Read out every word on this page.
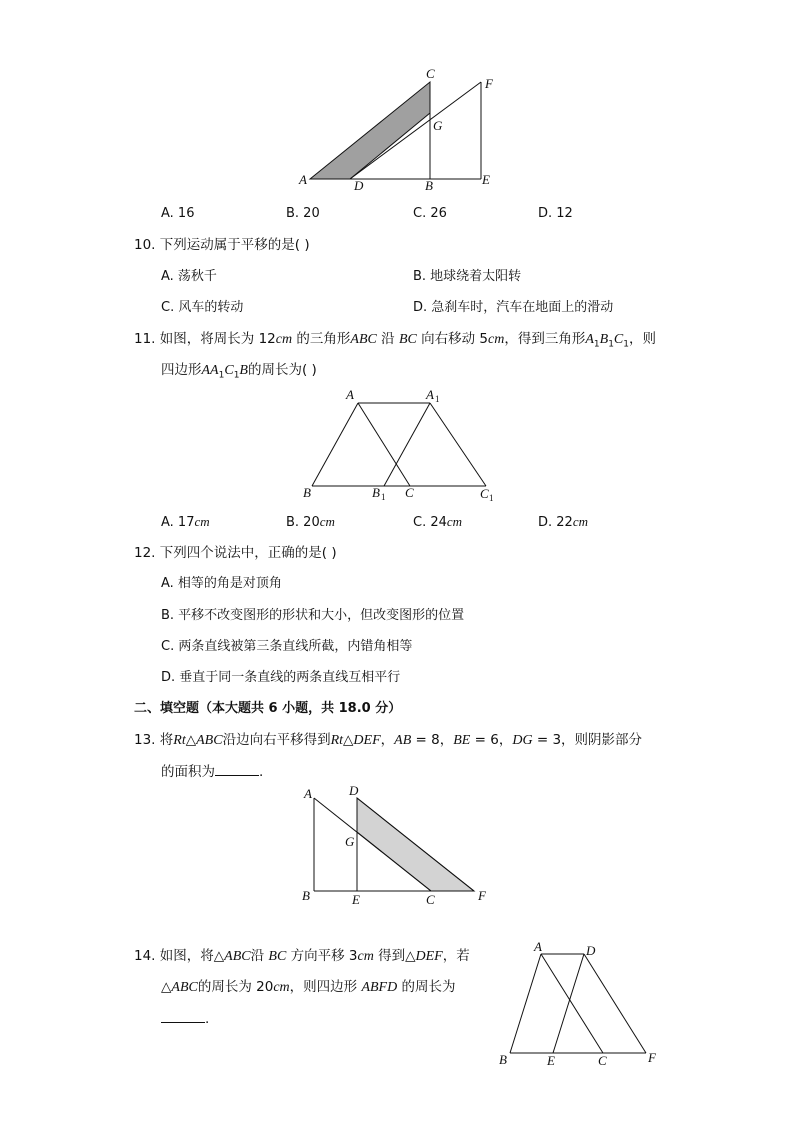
C
F
G
A	D	B	E
A. 16	B. 20	C. 26	D. 12
10. 下列运动属于平移的是( )
A. 荡秋千	B. 地球绕着太阳转
C. 风车的转动	D. 急刹车时，汽车在地面上的滑动
11. 如图，将周长为 12cm 的三角形ABC 沿 BC 向右移动 5cm，得到三角形$A_1B_1C_1$，则
四边形$AA_1C_1B$的周长为( )
A	A 1
B	B 1 C	C 1
A. 17cm	B. 20cm	C. 24cm	D. 22cm
12. 下列四个说法中，正确的是( )
A. 相等的角是对顶角
B. 平移不改变图形的形状和大小，但改变图形的位置
C. 两条直线被第三条直线所截，内错角相等
D. 垂直于同一条直线的两条直线互相平行
二、填空题（本大题共 6 小题，共 18.0 分）
13. 将Rt△ABC沿边向右平移得到Rt△DEF，AB = 8，BE = 6，DG = 3，则阴影部分
的面积为	.
A	D
G
B	E	C	F
14. 如图，将△ABC沿 BC 方向平移 3cm 得到△DEF，若
△ABC的周长为 20cm，则四边形 ABFD 的周长为
.
A	D
B	E	C	F
